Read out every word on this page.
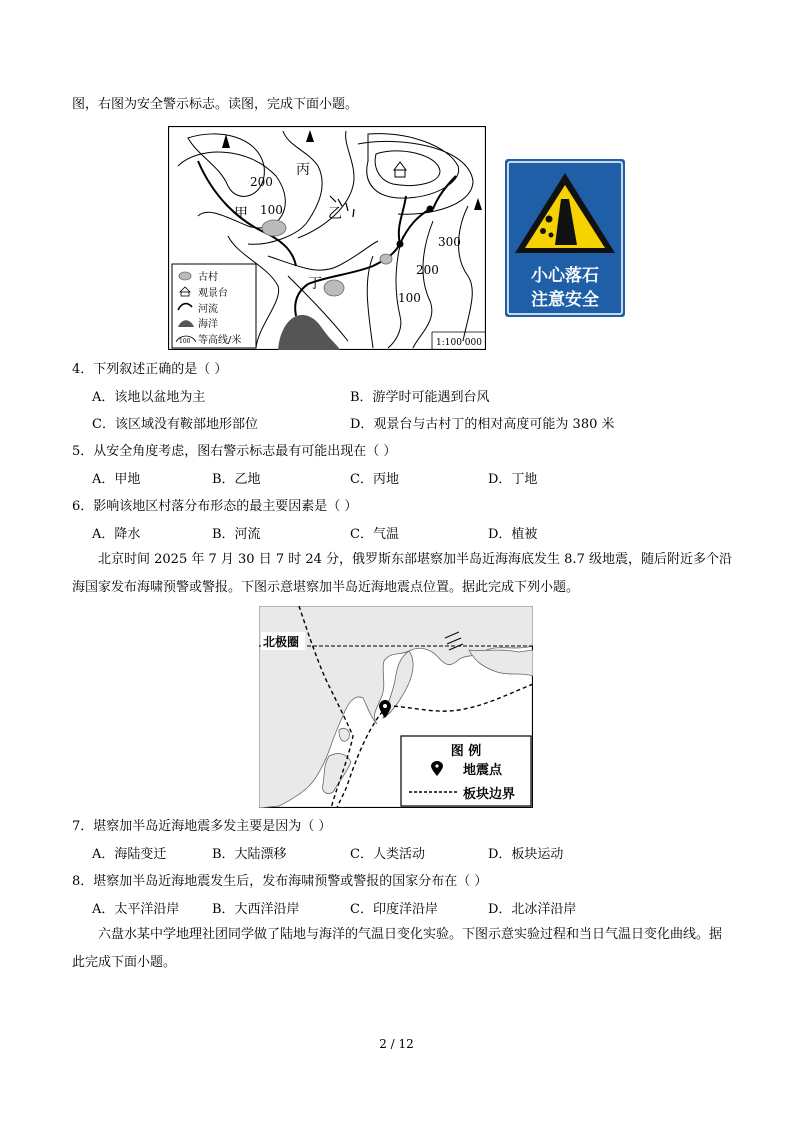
图，右图为安全警示标志。读图，完成下面小题。
丙
甲	乙
丁
200
100
300
200
100
古村
观景台
河流
海洋
100 等高线/米	1:100 000
小心落石
注意安全
4．下列叙述正确的是（ ）
A．该地以盆地为主	B．游学时可能遇到台风
C．该区域没有鞍部地形部位	D．观景台与古村丁的相对高度可能为 380 米
5．从安全角度考虑，图右警示标志最有可能出现在（ ）
A．甲地	B．乙地	C．丙地	D．丁地
6．影响该地区村落分布形态的最主要因素是（ ）
A．降水	B．河流	C．气温	D．植被
北京时间 2025 年 7 月 30 日 7 时 24 分，俄罗斯东部堪察加半岛近海海底发生 8.7 级地震，随后附近多个沿海国家发布海啸预警或警报。下图示意堪察加半岛近海地震点位置。据此完成下列小题。
北极圈
图 例
地震点
板块边界
7．堪察加半岛近海地震多发主要是因为（ ）
A．海陆变迁	B．大陆漂移	C．人类活动	D．板块运动
8．堪察加半岛近海地震发生后，发布海啸预警或警报的国家分布在（ ）
A．太平洋沿岸	B．大西洋沿岸	C．印度洋沿岸	D．北冰洋沿岸
六盘水某中学地理社团同学做了陆地与海洋的气温日变化实验。下图示意实验过程和当日气温日变化曲线。据此完成下面小题。
2 / 12
